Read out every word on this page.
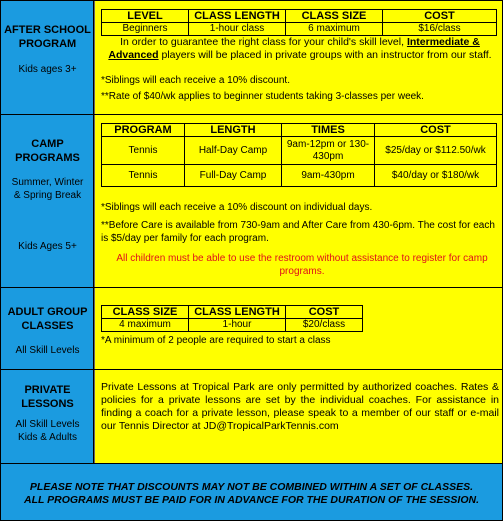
AFTER SCHOOL
PROGRAM
Kids ages 3+
LEVEL	CLASS LENGTH	CLASS SIZE	COST
Beginners	1-hour class	6 maximum	$16/class
In order to guarantee the right class for your child's skill level, Intermediate & Advanced players will be placed in private groups with an instructor from our staff.
*Siblings will each receive a 10% discount.
**Rate of $40/wk applies to beginner students taking 3-classes per week.
CAMP
PROGRAMS
Summer, Winter
& Spring Break
Kids Ages 5+
PROGRAM	LENGTH	TIMES	COST
Tennis	Half-Day Camp	9am-12pm or 130-430pm	$25/day or $112.50/wk
Tennis	Full-Day Camp	9am-430pm	$40/day or $180/wk
*Siblings will each receive a 10% discount on individual days.
**Before Care is available from 730-9am and After Care from 430-6pm. The cost for each is $5/day per family for each program.
All children must be able to use the restroom without assistance to register for camp programs.
ADULT GROUP
CLASSES
All Skill Levels
CLASS SIZE	CLASS LENGTH	COST
4 maximum	1-hour	$20/class
*A minimum of 2 people are required to start a class
PRIVATE
LESSONS
All Skill Levels
Kids & Adults
Private Lessons at Tropical Park are only permitted by authorized coaches. Rates & policies for a private lessons are set by the individual coaches. For assistance in finding a coach for a private lesson, please speak to a member of our staff or e-mail our Tennis Director at JD@TropicalParkTennis.com
PLEASE NOTE THAT DISCOUNTS MAY NOT BE COMBINED WITHIN A SET OF CLASSES.
ALL PROGRAMS MUST BE PAID FOR IN ADVANCE FOR THE DURATION OF THE SESSION.
